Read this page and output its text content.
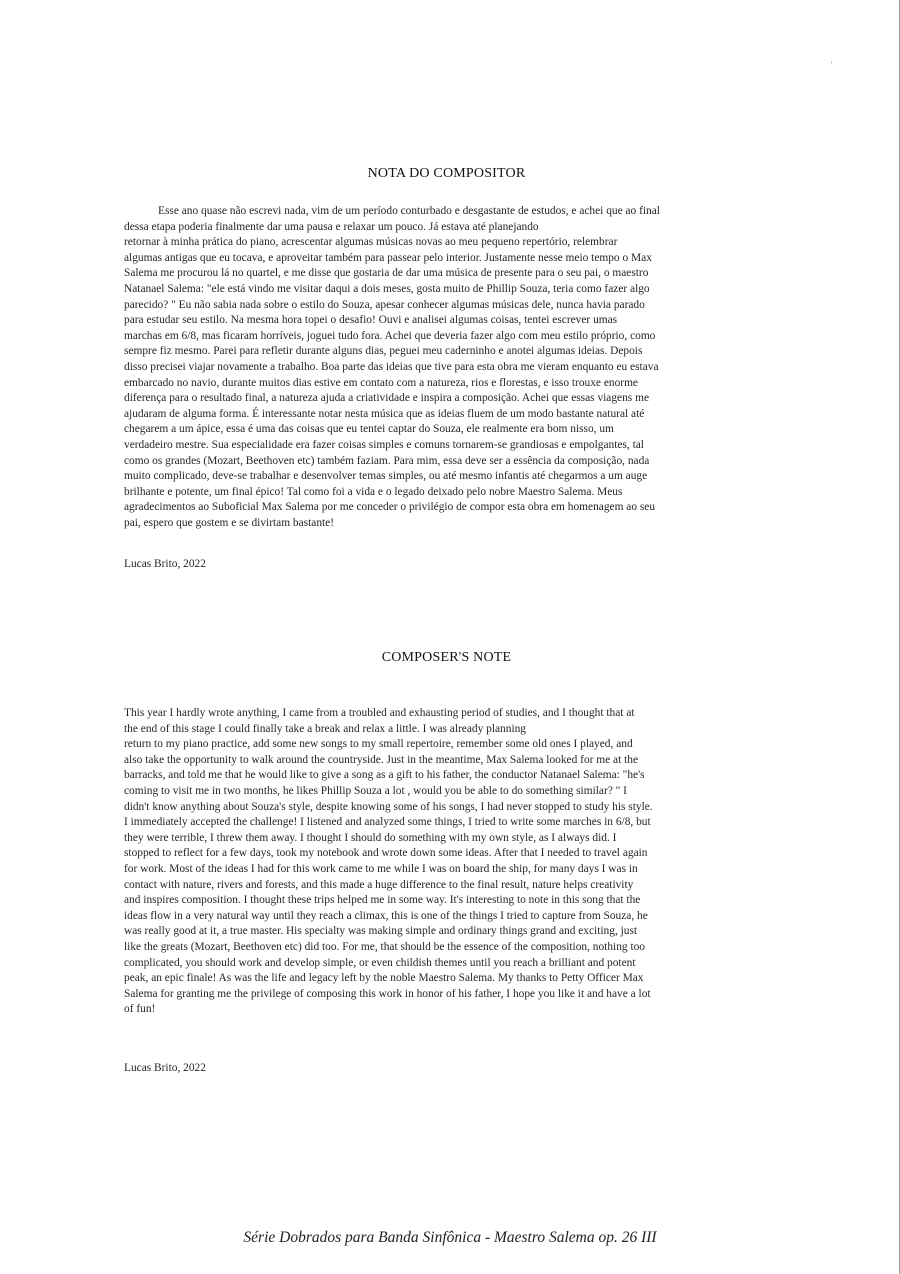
'
NOTA DO COMPOSITOR
Esse ano quase não escrevi nada, vim de um período conturbado e desgastante de estudos, e achei que ao final
dessa etapa poderia finalmente dar uma pausa e relaxar um pouco. Já estava até planejando
retornar à minha prática do piano, acrescentar algumas músicas novas ao meu pequeno repertório, relembrar
algumas antigas que eu tocava, e aproveitar também para passear pelo interior. Justamente nesse meio tempo o Max
Salema me procurou lá no quartel, e me disse que gostaria de dar uma música de presente para o seu pai, o maestro
Natanael Salema: "ele está vindo me visitar daqui a dois meses, gosta muito de Phillip Souza, teria como fazer algo
parecido? " Eu não sabia nada sobre o estilo do Souza, apesar conhecer algumas músicas dele, nunca havia parado
para estudar seu estilo. Na mesma hora topei o desafio! Ouvi e analisei algumas coisas, tentei escrever umas
marchas em 6/8, mas ficaram horríveis, joguei tudo fora. Achei que deveria fazer algo com meu estilo próprio, como
sempre fiz mesmo. Parei para refletir durante alguns dias, peguei meu caderninho e anotei algumas ideias. Depois
disso precisei viajar novamente a trabalho. Boa parte das ideias que tive para esta obra me vieram enquanto eu estava
embarcado no navio, durante muitos dias estive em contato com a natureza, rios e florestas, e isso trouxe enorme
diferença para o resultado final, a natureza ajuda a criatividade e inspira a composição. Achei que essas viagens me
ajudaram de alguma forma. É interessante notar nesta música que as ideias fluem de um modo bastante natural até
chegarem a um ápice, essa é uma das coisas que eu tentei captar do Souza, ele realmente era bom nisso, um
verdadeiro mestre. Sua especialidade era fazer coisas simples e comuns tornarem-se grandiosas e empolgantes, tal
como os grandes (Mozart, Beethoven etc) também faziam. Para mim, essa deve ser a essência da composição, nada
muito complicado, deve-se trabalhar e desenvolver temas simples, ou até mesmo infantis até chegarmos a um auge
brilhante e potente, um final épico! Tal como foi a vida e o legado deixado pelo nobre Maestro Salema. Meus
agradecimentos ao Suboficial Max Salema por me conceder o privilégio de compor esta obra em homenagem ao seu
pai, espero que gostem e se divirtam bastante!
Lucas Brito, 2022
COMPOSER'S NOTE
This year I hardly wrote anything, I came from a troubled and exhausting period of studies, and I thought that at
the end of this stage I could finally take a break and relax a little. I was already planning
return to my piano practice, add some new songs to my small repertoire, remember some old ones I played, and
also take the opportunity to walk around the countryside. Just in the meantime, Max Salema looked for me at the
barracks, and told me that he would like to give a song as a gift to his father, the conductor Natanael Salema: "he's
coming to visit me in two months, he likes Phillip Souza a lot , would you be able to do something similar? " I
didn't know anything about Souza's style, despite knowing some of his songs, I had never stopped to study his style.
I immediately accepted the challenge! I listened and analyzed some things, I tried to write some marches in 6/8, but
they were terrible, I threw them away. I thought I should do something with my own style, as I always did. I
stopped to reflect for a few days, took my notebook and wrote down some ideas. After that I needed to travel again
for work. Most of the ideas I had for this work came to me while I was on board the ship, for many days I was in
contact with nature, rivers and forests, and this made a huge difference to the final result, nature helps creativity
and inspires composition. I thought these trips helped me in some way. It's interesting to note in this song that the
ideas flow in a very natural way until they reach a climax, this is one of the things I tried to capture from Souza, he
was really good at it, a true master. His specialty was making simple and ordinary things grand and exciting, just
like the greats (Mozart, Beethoven etc) did too. For me, that should be the essence of the composition, nothing too
complicated, you should work and develop simple, or even childish themes until you reach a brilliant and potent
peak, an epic finale! As was the life and legacy left by the noble Maestro Salema. My thanks to Petty Officer Max
Salema for granting me the privilege of composing this work in honor of his father, I hope you like it and have a lot
of fun!
Lucas Brito, 2022
Série Dobrados para Banda Sinfônica - Maestro Salema op. 26 III
